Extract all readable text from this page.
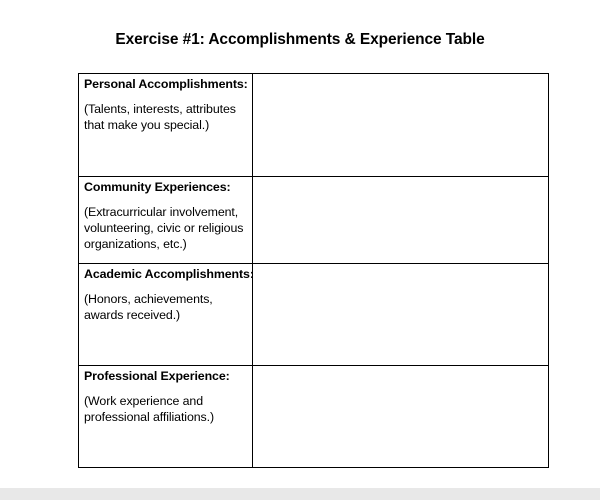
Exercise #1: Accomplishments & Experience Table
Personal Accomplishments:
(Talents, interests, attributes that make you special.)	

Community Experiences:
(Extracurricular involvement, volunteering, civic or religious organizations, etc.)	

Academic Accomplishments:
(Honors, achievements, awards received.)	

Professional Experience:
(Work experience and professional affiliations.)	
